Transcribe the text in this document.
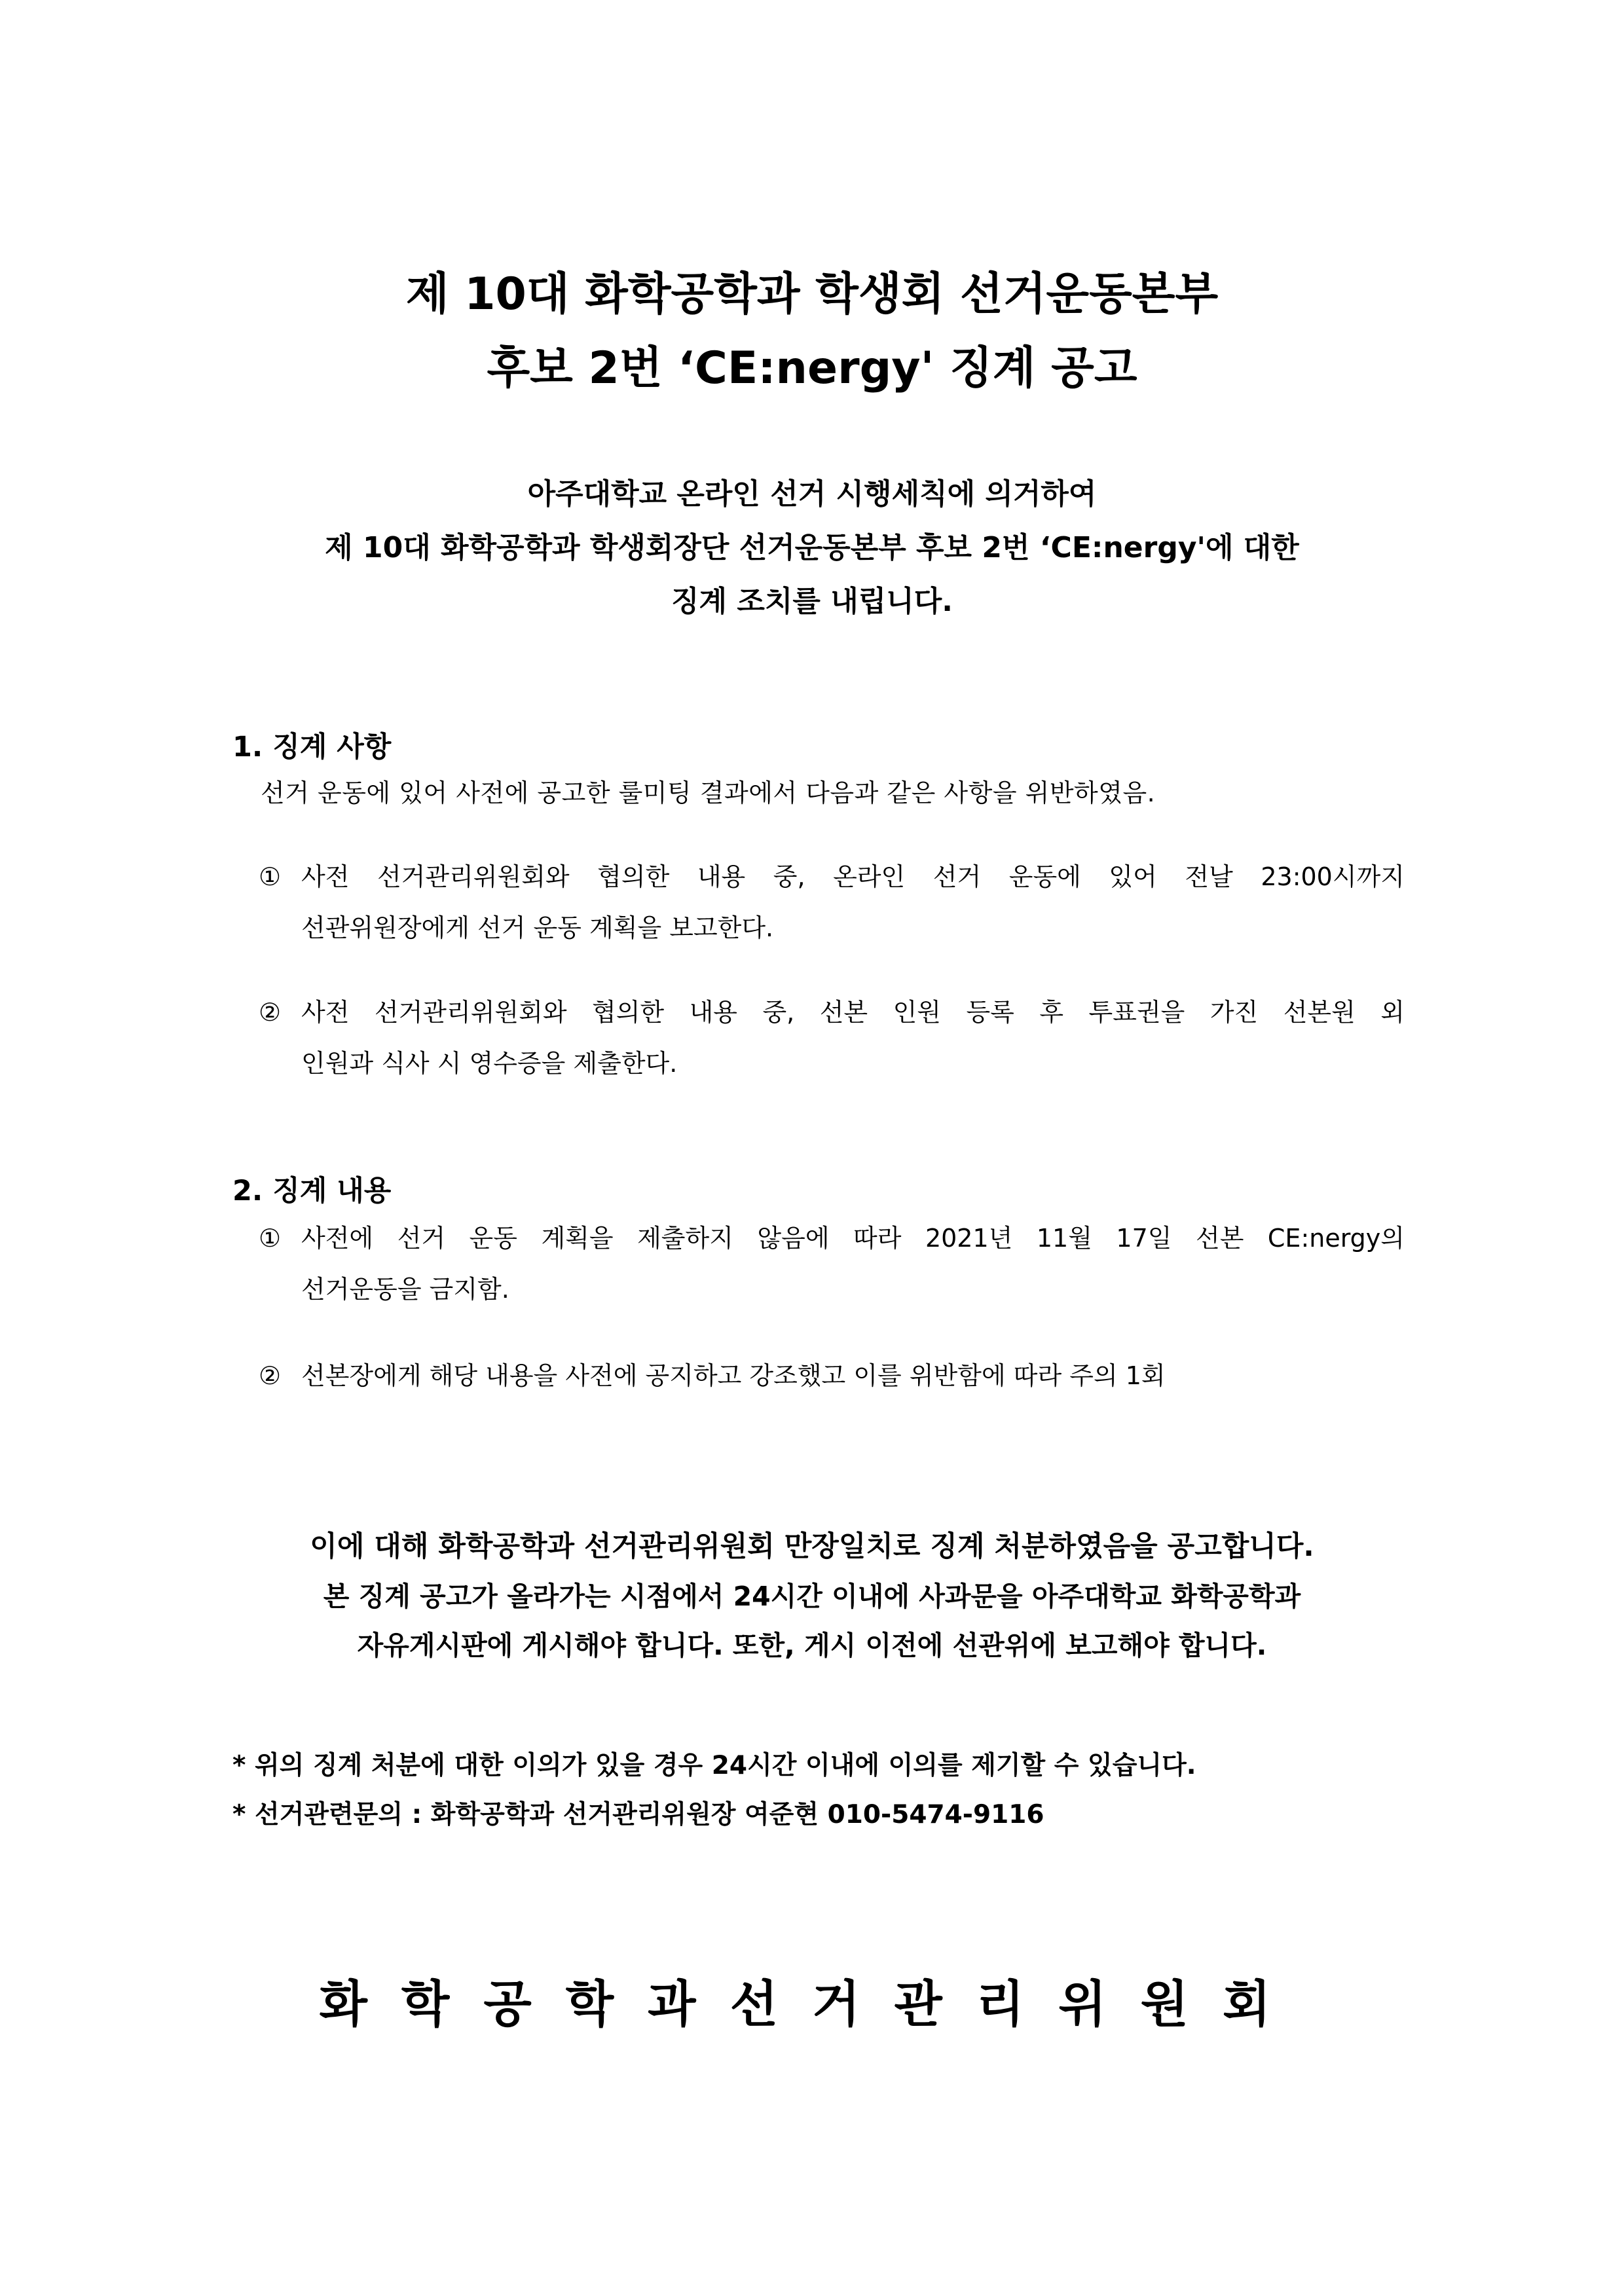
제 10대 화학공학과 학생회 선거운동본부
후보 2번 ‘CE:nergy' 징계 공고
아주대학교 온라인 선거 시행세칙에 의거하여
제 10대 화학공학과 학생회장단 선거운동본부 후보 2번 ‘CE:nergy'에 대한
징계 조치를 내립니다.
1. 징계 사항
선거 운동에 있어 사전에 공고한 룰미팅 결과에서 다음과 같은 사항을 위반하였음.
① 사전 선거관리위원회와 협의한 내용 중, 온라인 선거 운동에 있어 전날 23:00시까지
선관위원장에게 선거 운동 계획을 보고한다.
② 사전 선거관리위원회와 협의한 내용 중, 선본 인원 등록 후 투표권을 가진 선본원 외
인원과 식사 시 영수증을 제출한다.
2. 징계 내용
① 사전에 선거 운동 계획을 제출하지 않음에 따라 2021년 11월 17일 선본 CE:nergy의
선거운동을 금지함.
② 선본장에게 해당 내용을 사전에 공지하고 강조했고 이를 위반함에 따라 주의 1회
이에 대해 화학공학과 선거관리위원회 만장일치로 징계 처분하였음을 공고합니다.
본 징계 공고가 올라가는 시점에서 24시간 이내에 사과문을 아주대학교 화학공학과
자유게시판에 게시해야 합니다. 또한, 게시 이전에 선관위에 보고해야 합니다.
* 위의 징계 처분에 대한 이의가 있을 경우 24시간 이내에 이의를 제기할 수 있습니다.
* 선거관련문의 : 화학공학과 선거관리위원장 여준현 010-5474-9116
화학공학과선거관리위원회
